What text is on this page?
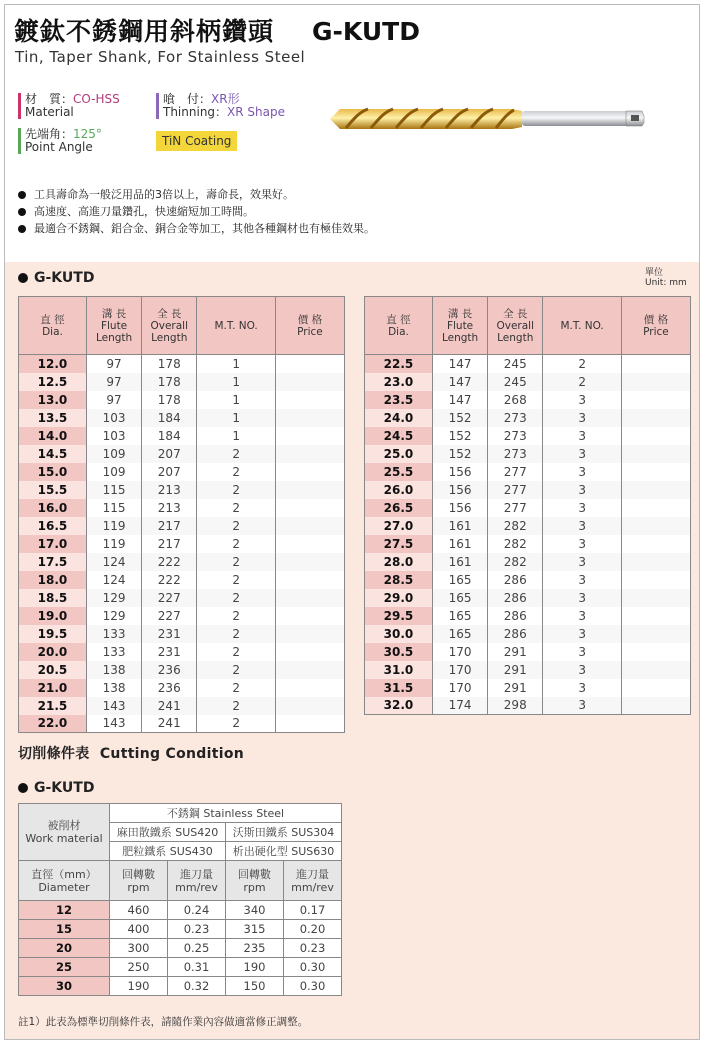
鍍鈦不銹鋼用斜柄鑽頭 G-KUTD
Tin, Taper Shank, For Stainless Steel
材　質：CO-HSS
Material
喰　付：XR形
Thinning：XR Shape
先端角：125°
Point Angle	TiN Coating
工具壽命為一般泛用品的3倍以上，壽命長，效果好。
高速度、高進刀量鑽孔，快速縮短加工時間。
最適合不銹鋼、鋁合金、銅合金等加工，其他各種鋼材也有極佳效果。
G-KUTD	單位
Unit: mm
直 徑
Dia.	溝 長
Flute
Length	全 長
Overall
Length	M.T. NO.	價 格
Price
12.0	97	178	1	
12.5	97	178	1	
13.0	97	178	1	
13.5	103	184	1	
14.0	103	184	1	
14.5	109	207	2	
15.0	109	207	2	
15.5	115	213	2	
16.0	115	213	2	
16.5	119	217	2	
17.0	119	217	2	
17.5	124	222	2	
18.0	124	222	2	
18.5	129	227	2	
19.0	129	227	2	
19.5	133	231	2	
20.0	133	231	2	
20.5	138	236	2	
21.0	138	236	2	
21.5	143	241	2	
22.0	143	241	2	
直 徑
Dia.	溝 長
Flute
Length	全 長
Overall
Length	M.T. NO.	價 格
Price
22.5	147	245	2	
23.0	147	245	2	
23.5	147	268	3	
24.0	152	273	3	
24.5	152	273	3	
25.0	152	273	3	
25.5	156	277	3	
26.0	156	277	3	
26.5	156	277	3	
27.0	161	282	3	
27.5	161	282	3	
28.0	161	282	3	
28.5	165	286	3	
29.0	165	286	3	
29.5	165	286	3	
30.0	165	286	3	
30.5	170	291	3	
31.0	170	291	3	
31.5	170	291	3	
32.0	174	298	3	
切削條件表 Cutting Condition
G-KUTD
被削材
Work material	不銹鋼 Stainless Steel			
	麻田散鐵系 SUS420		沃斯田鐵系 SUS304	
	肥粒鐵系 SUS430		析出硬化型 SUS630	
直徑（mm）
Diameter	回轉數
rpm	進刀量
mm/rev	回轉數
rpm	進刀量
mm/rev
12	460	0.24	340	0.17
15	400	0.23	315	0.20
20	300	0.25	235	0.23
25	250	0.31	190	0.30
30	190	0.32	150	0.30
註1）此表為標準切削條件表，請隨作業內容做適當修正調整。
